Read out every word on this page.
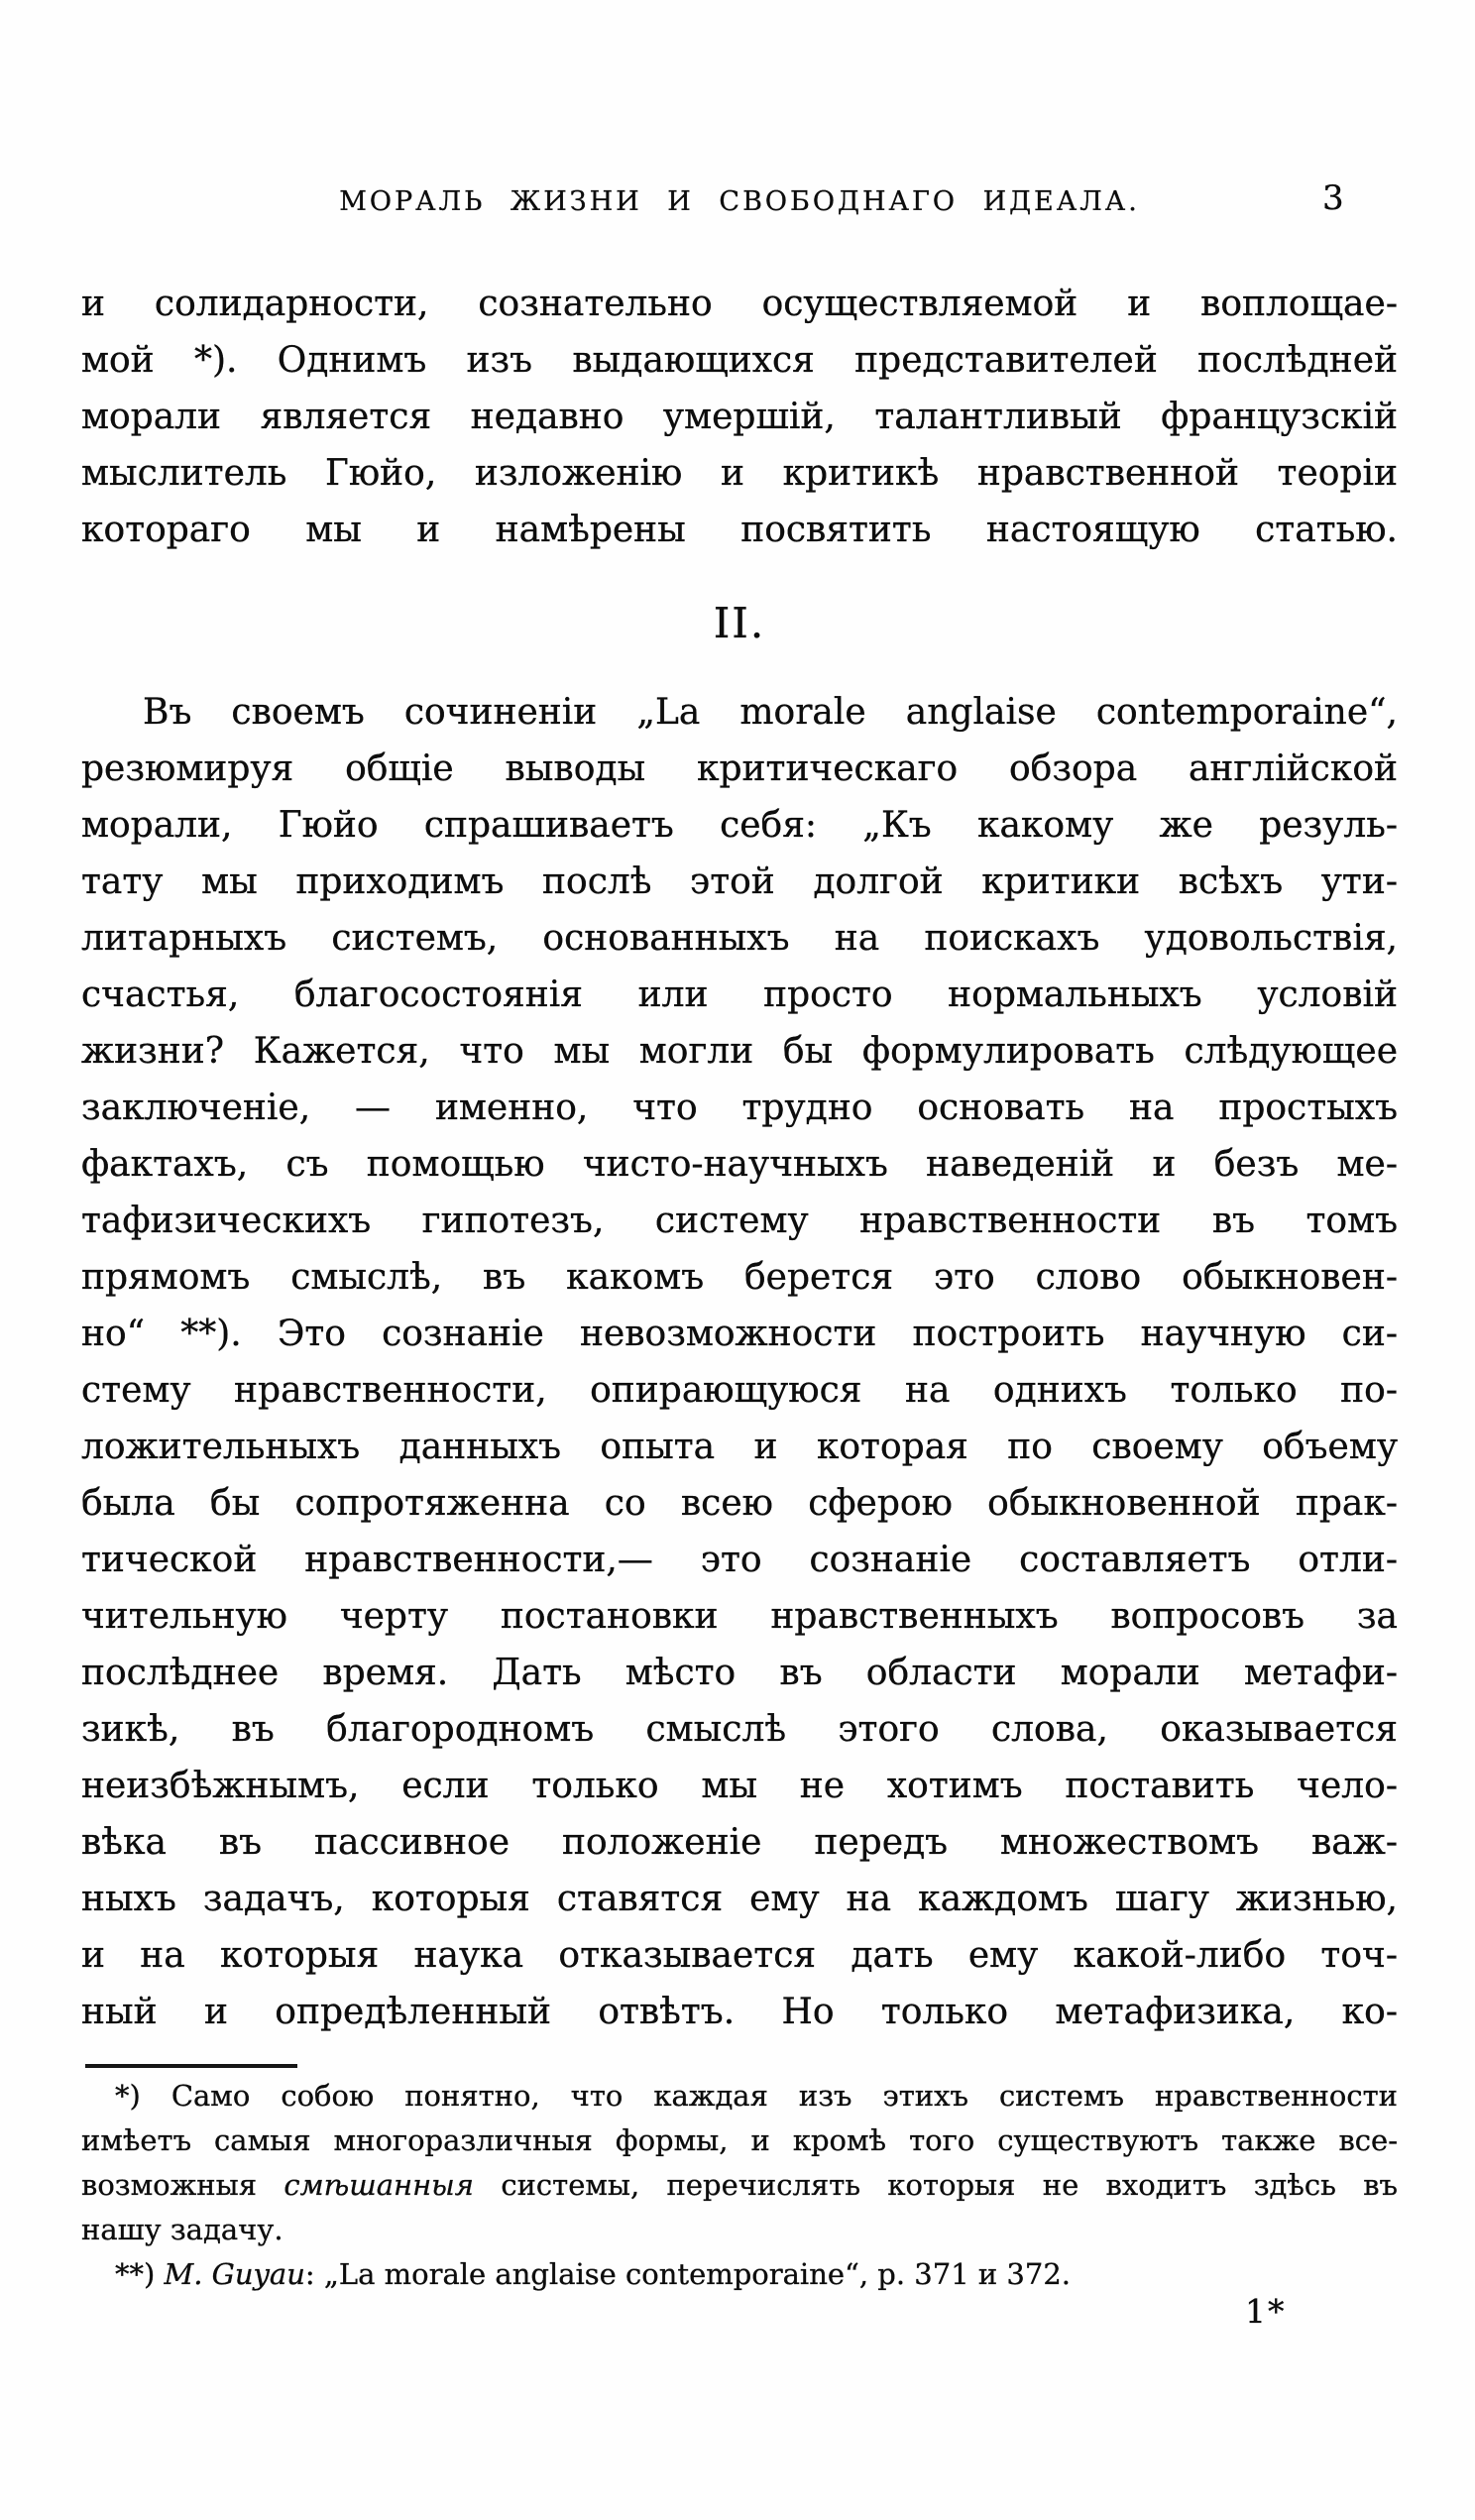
МОРАЛЬ ЖИЗНИ И СВОБОДНАГО ИДЕАЛА.	3

и солидарности, сознательно осуществляемой и воплощае-

мой *). Однимъ изъ выдающихся представителей послѣдней

морали является недавно умершій, талантливый французскій

мыслитель Гюйо, изложенію и критикѣ нравственной теоріи

котораго мы и намѣрены посвятить настоящую статью.

II.

Въ своемъ сочиненіи „La morale anglaise contemporaine“,

резюмируя общіе выводы критическаго обзора англійской

морали, Гюйо спрашиваетъ себя: „Къ какому же резуль-

тату мы приходимъ послѣ этой долгой критики всѣхъ ути-

литарныхъ системъ, основанныхъ на поискахъ удовольствія,

счастья, благосостоянія или просто нормальныхъ условій

жизни? Кажется, что мы могли бы формулировать слѣдующее

заключеніе, — именно, что трудно основать на простыхъ

фактахъ, съ помощью чисто-научныхъ наведеній и безъ ме-

тафизическихъ гипотезъ, систему нравственности въ томъ

прямомъ смыслѣ, въ какомъ берется это слово обыкновен-

но“ **). Это сознаніе невозможности построить научную си-

стему нравственности, опирающуюся на однихъ только по-

ложительныхъ данныхъ опыта и которая по своему объему

была бы сопротяженна со всею сферою обыкновенной прак-

тической нравственности,— это сознаніе составляетъ отли-

чительную черту постановки нравственныхъ вопросовъ за

послѣднее время. Дать мѣсто въ области морали метафи-

зикѣ, въ благородномъ смыслѣ этого слова, оказывается

неизбѣжнымъ, если только мы не хотимъ поставить чело-

вѣка въ пассивное положеніе передъ множествомъ важ-

ныхъ задачъ, которыя ставятся ему на каждомъ шагу жизнью,

и на которыя наука отказывается дать ему какой-либо точ-

ный и опредѣленный отвѣтъ. Но только метафизика, ко-

*) Само собою понятно, что каждая изъ этихъ системъ нравственности

имѣетъ самыя многоразличныя формы, и кромѣ того существуютъ также все-

возможныя смѣшанныя системы, перечислять которыя не входитъ здѣсь въ

нашу задачу.

**) М. Guyau: „La morale anglaise contemporaine“, p. 371 и 372.

1*
